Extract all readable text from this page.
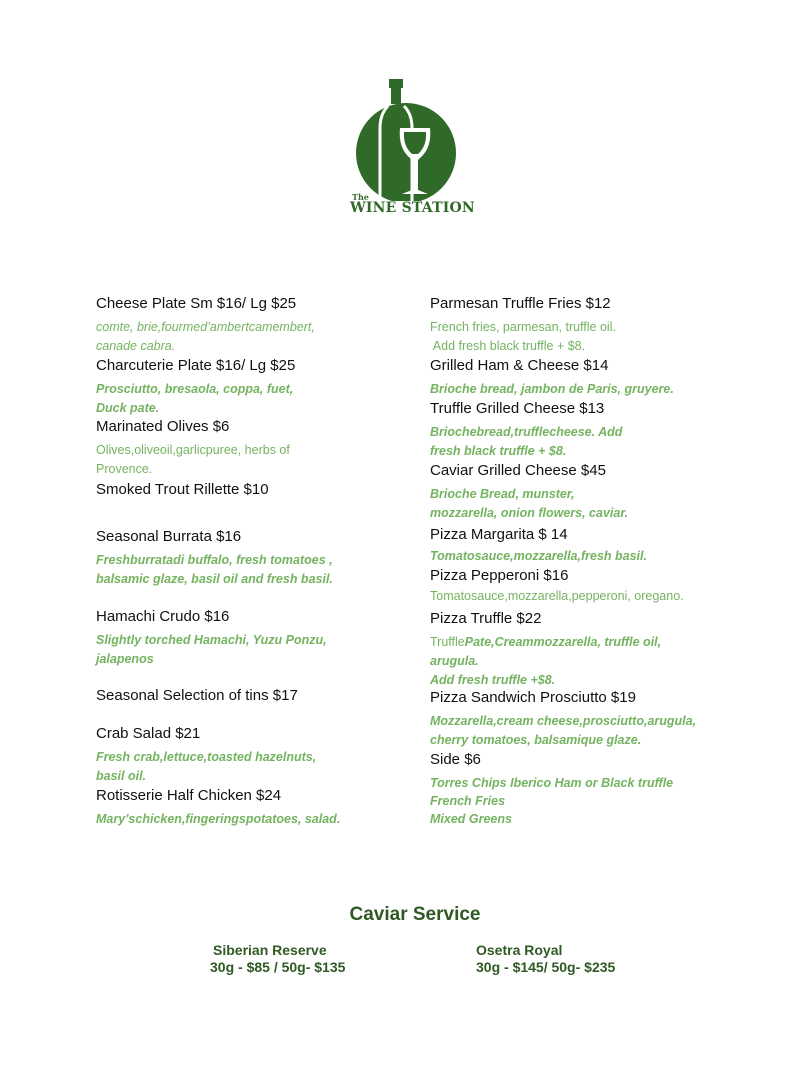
The
WINE STATION
Cheese Plate Sm $16/ Lg $25
comte, brie,fourmed’ambertcamembert,
canade cabra.
Charcuterie Plate $16/ Lg $25
Prosciutto, bresaola, coppa, fuet,
Duck pate.
Marinated Olives $6
Olives,oliveoil,garlicpuree, herbs of
Provence.
Smoked Trout Rillette $10
Seasonal Burrata $16
Freshburratadi buffalo, fresh tomatoes ,
balsamic glaze, basil oil and fresh basil.
Hamachi Crudo $16
Slightly torched Hamachi, Yuzu Ponzu,
jalapenos
Seasonal Selection of tins $17
Crab Salad $21
Fresh crab,lettuce,toasted hazelnuts,
basil oil.
Rotisserie Half Chicken $24
Mary’schicken,fingeringspotatoes, salad.
Parmesan Truffle Fries $12
French fries, parmesan, truffle oil.
Add fresh black truffle + $8.
Grilled Ham & Cheese $14
Brioche bread, jambon de Paris, gruyere.
Truffle Grilled Cheese $13
Briochebread,trufflecheese. Add
fresh black truffle + $8.
Caviar Grilled Cheese $45
Brioche Bread, munster,
mozzarella, onion flowers, caviar.
Pizza Margarita $ 14
Tomatosauce,mozzarella,fresh basil.
Pizza Pepperoni $16
Tomatosauce,mozzarella,pepperoni, oregano.
Pizza Truffle $22
TrufflePate,Creammozzarella, truffle oil,
arugula.
Add fresh truffle +$8.
Pizza Sandwich Prosciutto $19
Mozzarella,cream cheese,prosciutto,arugula,
cherry tomatoes, balsamique glaze.
Side $6
Torres Chips Iberico Ham or Black truffle
French Fries
Mixed Greens
Caviar Service
Siberian Reserve
30g - $85 / 50g- $135
Osetra Royal
30g - $145/ 50g- $235
